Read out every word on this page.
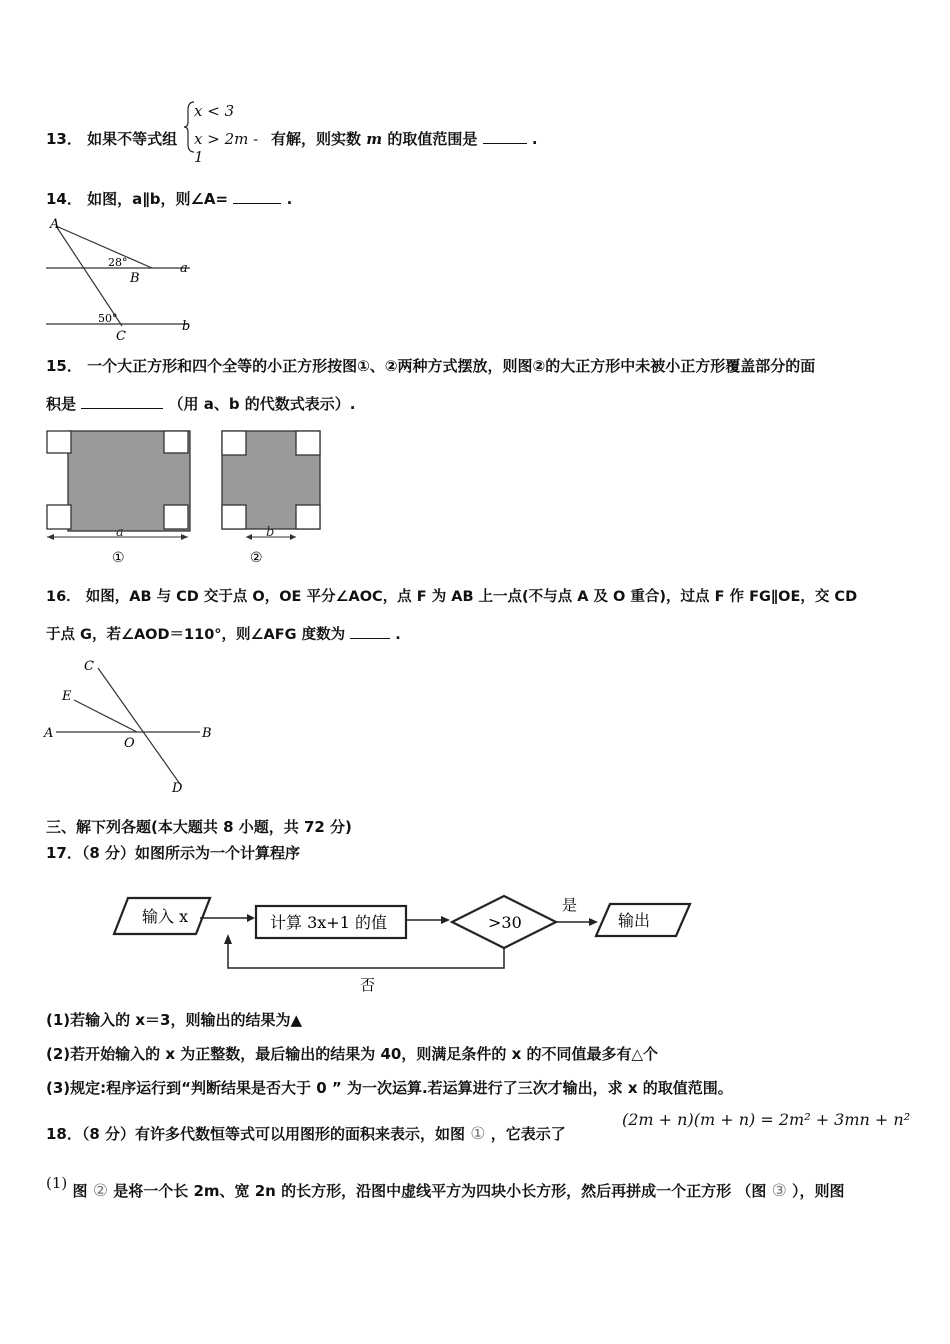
13． 如果不等式组
x < 3
x > 2m - 1
有解，则实数 m 的取值范围是	.
14． 如图，a∥b，则∠A=	.
A
B
C
a
b
28°
50°
15． 一个大正方形和四个全等的小正方形按图①、②两种方式摆放，则图②的大正方形中未被小正方形覆盖部分的面
积是	（用 a、b 的代数式表示）.
a
①
b
②
16． 如图，AB 与 CD 交于点 O，OE 平分∠AOC，点 F 为 AB 上一点(不与点 A 及 O 重合)，过点 F 作 FG∥OE，交 CD
于点 G，若∠AOD＝110°，则∠AFG 度数为	.
C
E
A
O
B
D
三、解下列各题(本大题共 8 小题，共 72 分)
17．（8 分）如图所示为一个计算程序
输入 x	计算 3x+1 的值	>30
是
输出
否
(1)若输入的 x＝3，则输出的结果为▲
(2)若开始输入的 x 为正整数，最后输出的结果为 40，则满足条件的 x 的不同值最多有△个
(3)规定:程序运行到“判断结果是否大于 0 ” 为一次运算.若运算进行了三次才输出，求 x 的取值范围。
18．（8 分）有许多代数恒等式可以用图形的面积来表示，如图 ① ，它表示了
(2m + n)(m + n) = 2m² + 3mn + n²
(1) 图 ② 是将一个长 2m、宽 2n 的长方形，沿图中虚线平方为四块小长方形，然后再拼成一个正方形 （图 ③ ），则图
